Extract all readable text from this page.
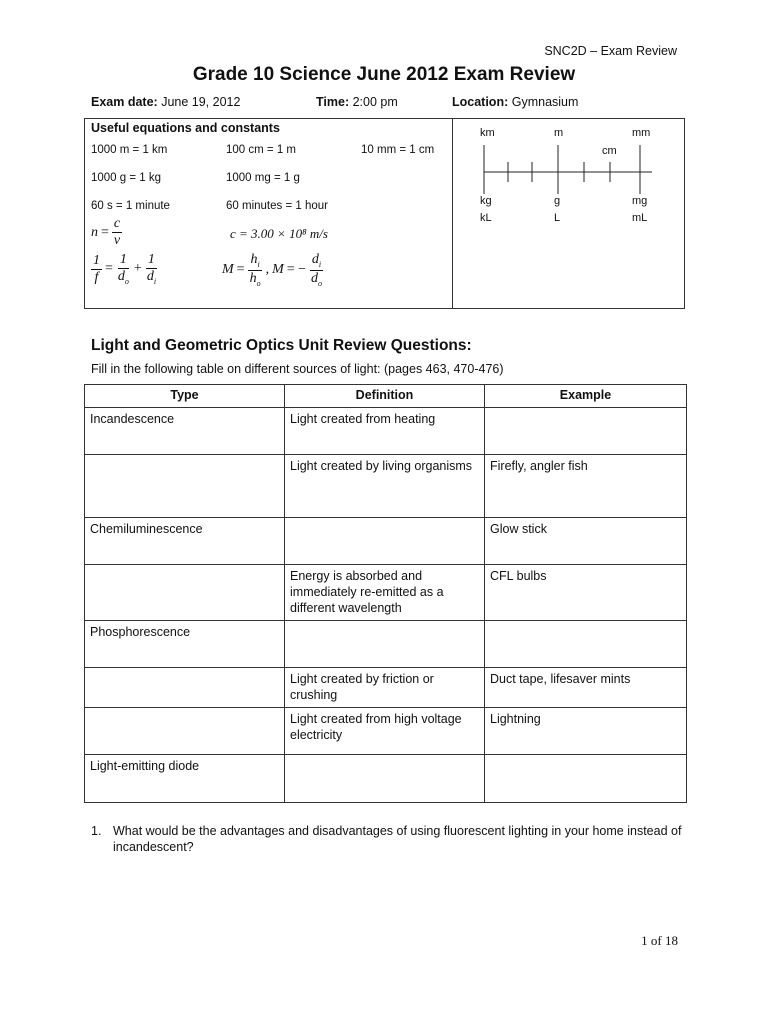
SNC2D – Exam Review
Grade 10 Science June 2012 Exam Review
Exam date: June 19, 2012	Time: 2:00 pm	Location: Gymnasium
Useful equations and constants
1000 m = 1 km	100 cm = 1 m	10 mm = 1 cm
1000 g = 1 kg	1000 mg = 1 g
60 s = 1 minute	60 minutes = 1 hour
$n = \frac{c}{v}$	c = 3.00 × 10⁸ m/s
$\frac{1}{f} = \frac{1}{d_o} + \frac{1}{d_i}$	$M = \frac{h_i}{h_o}$ , M = − $\frac{d_i}{d_o}$
km	m	mm
cm
kg	g	mg
kL	L	mL
Light and Geometric Optics Unit Review Questions:
Fill in the following table on different sources of light: (pages 463, 470-476)
Type	Definition	Example
Incandescence	Light created from heating	
	Light created by living organisms	Firefly, angler fish
Chemiluminescence		Glow stick
	Energy is absorbed and immediately re-emitted as a different wavelength	CFL bulbs
Phosphorescence		
	Light created by friction or crushing	Duct tape, lifesaver mints
	Light created from high voltage electricity	Lightning
Light-emitting diode		
1. What would be the advantages and disadvantages of using fluorescent lighting in your home instead of incandescent?
1 of 18
